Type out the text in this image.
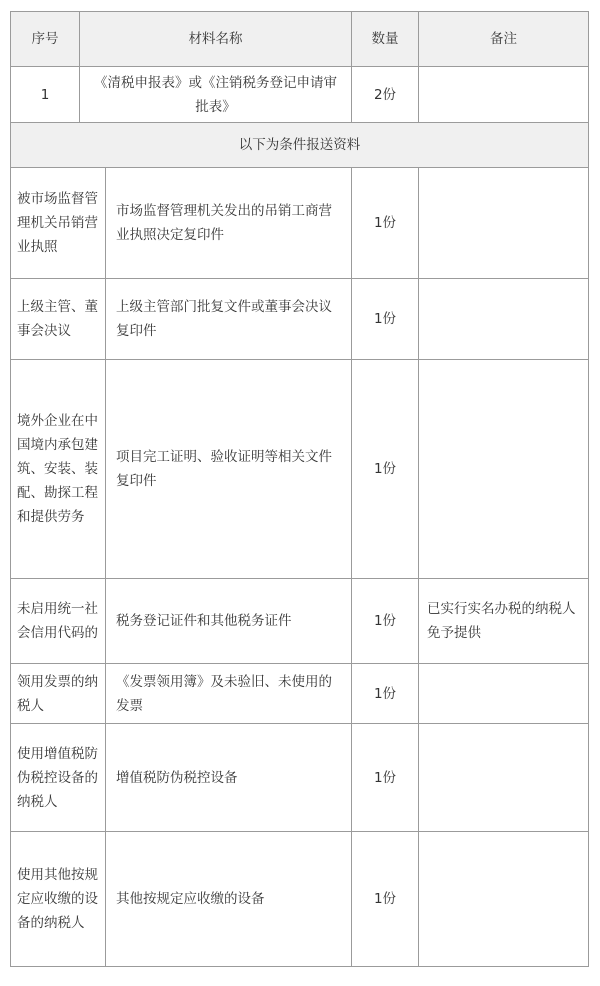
序号	材料名称		数量	备注
1	《清税申报表》或《注销税务登记申请审批表》		2份	
以下为条件报送资料				
被市场监督管理机关吊销营业执照		市场监督管理机关发出的吊销工商营业执照决定复印件	1份	
上级主管、董事会决议		上级主管部门批复文件或董事会决议复印件	1份	
境外企业在中国境内承包建筑、安装、装配、勘探工程和提供劳务		项目完工证明、验收证明等相关文件复印件	1份	
未启用统一社会信用代码的		税务登记证件和其他税务证件	1份	已实行实名办税的纳税人免予提供
领用发票的纳税人		《发票领用簿》及未验旧、未使用的发票	1份	
使用增值税防伪税控设备的纳税人		增值税防伪税控设备	1份	
使用其他按规定应收缴的设备的纳税人		其他按规定应收缴的设备	1份	
